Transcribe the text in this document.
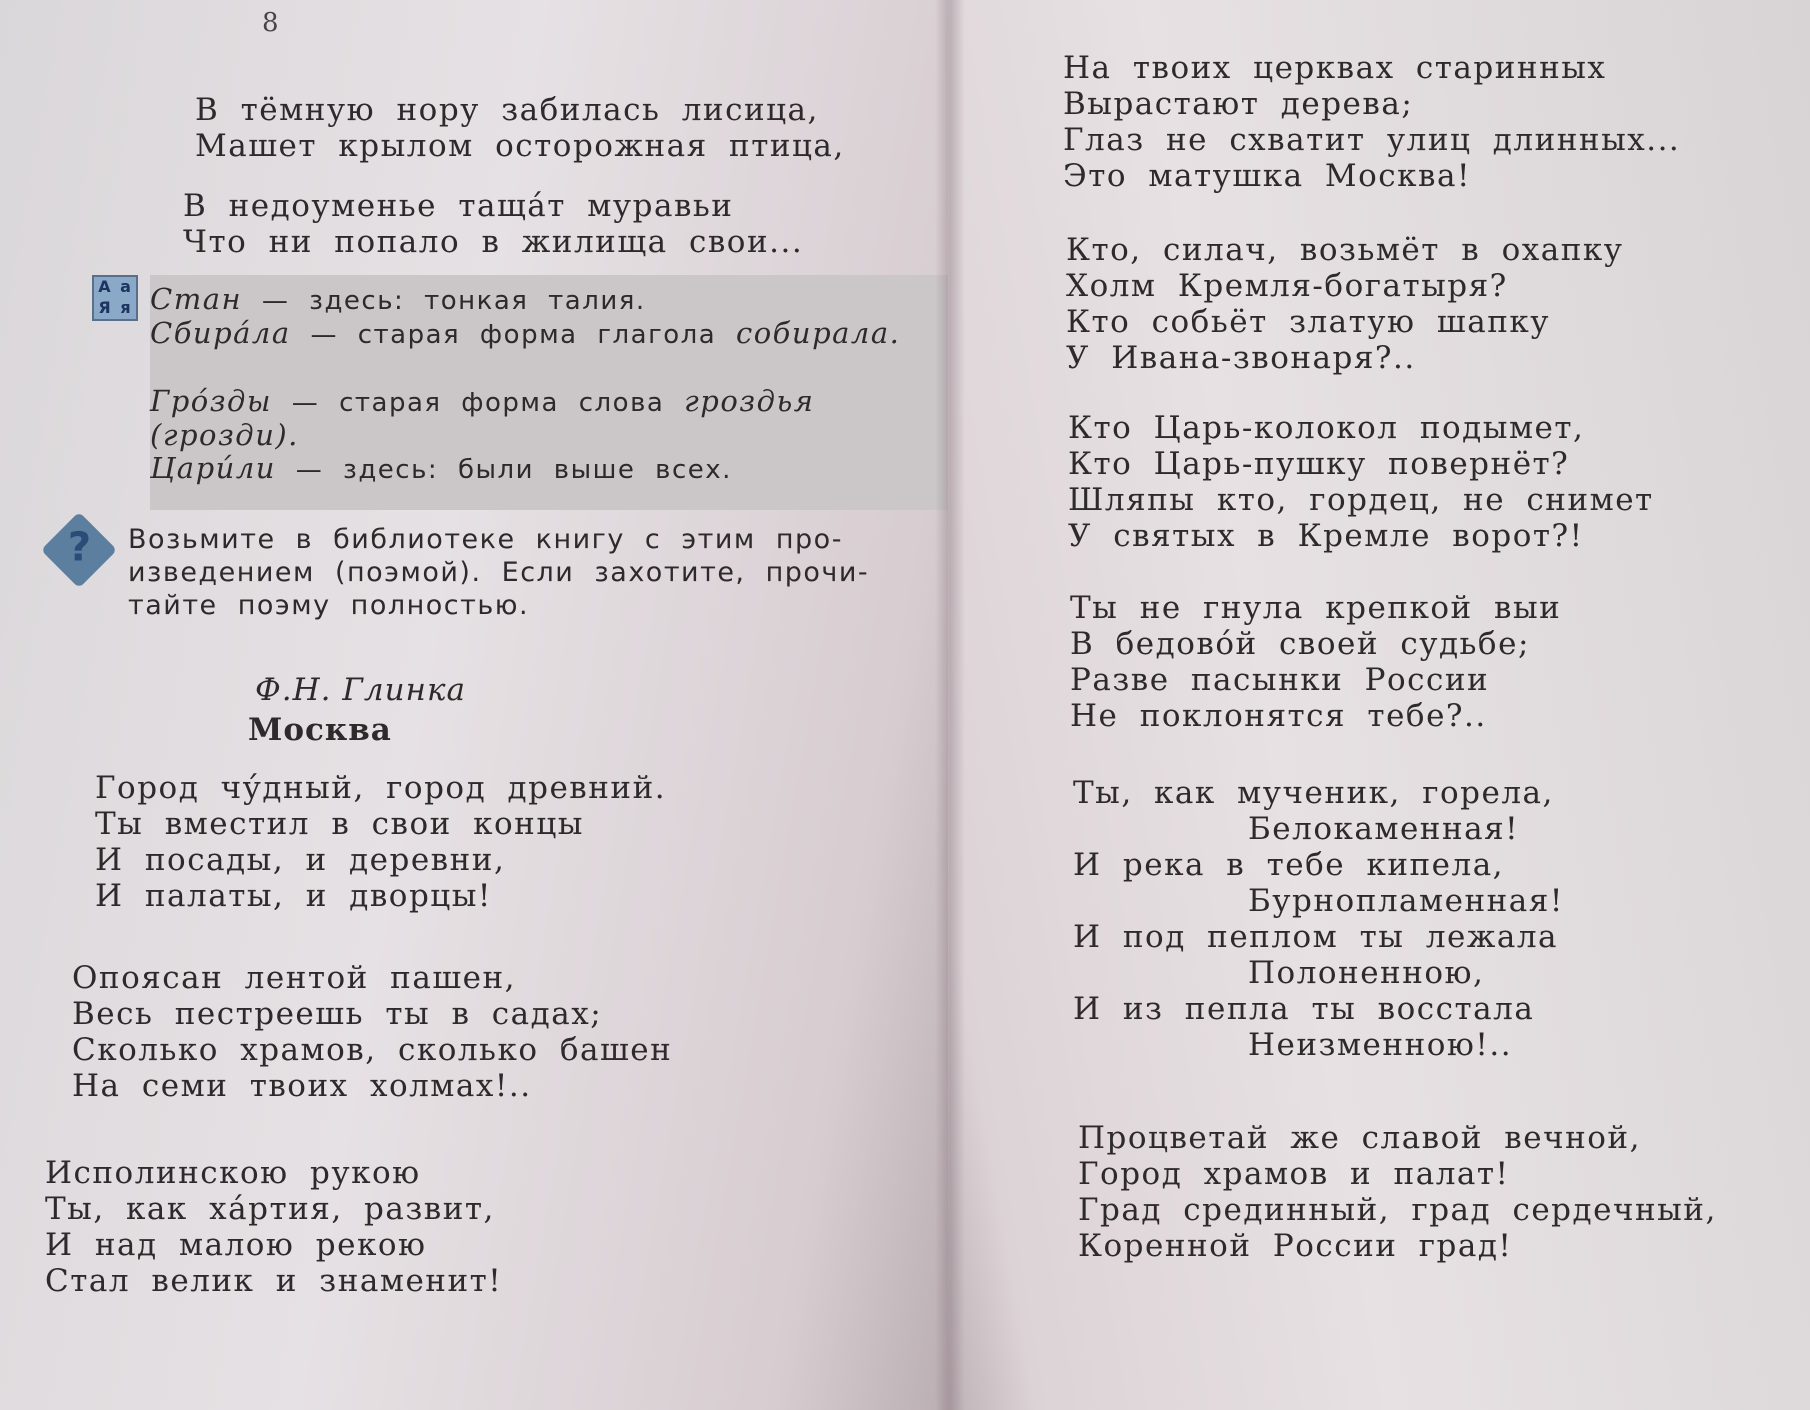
8
В тёмную нору забилась лисица,
Машет крылом осторожная птица,
В недоуменье тащáт муравьи
Что ни попало в жилища свои...
А а
Я я Стан — здесь: тонкая талия.
Сбирáла — старая форма глагола собирала.
Грóзды — старая форма слова гроздья (грозди).
Царúли — здесь: были выше всех.
? Возьмите в библиотеке книгу с этим про-
изведением (поэмой). Если захотите, прочи-
тайте поэму полностью.
Ф.Н. Глинка
Москва
Город чу́дный, город древний.
Ты вместил в свои концы
И посады, и деревни,
И палаты, и дворцы!
Опоясан лентой пашен,
Весь пестреешь ты в садах;
Сколько храмов, сколько башен
На семи твоих холмах!..
Исполинскою рукою
Ты, как хáртия, развит,
И над малою рекою
Стал велик и знаменит!
На твоих церквах старинных
Вырастают дерева;
Глаз не схватит улиц длинных...
Это матушка Москва!
Кто, силач, возьмёт в охапку
Холм Кремля-богатыря?
Кто собьёт златую шапку
У Ивана-звонаря?..
Кто Царь-колокол подымет,
Кто Царь-пушку повернёт?
Шляпы кто, гордец, не снимет
У святых в Кремле ворот?!
Ты не гнула крепкой выи
В бедовóй своей судьбе;
Разве пасынки России
Не поклонятся тебе?..
Ты, как мученик, горела,
Белокаменная!
И река в тебе кипела,
Бурнопламенная!
И под пеплом ты лежала
Полоненною,
И из пепла ты восстала
Неизменною!..
Процветай же славой вечной,
Город храмов и палат!
Град срединный, град сердечный,
Коренной России град!
